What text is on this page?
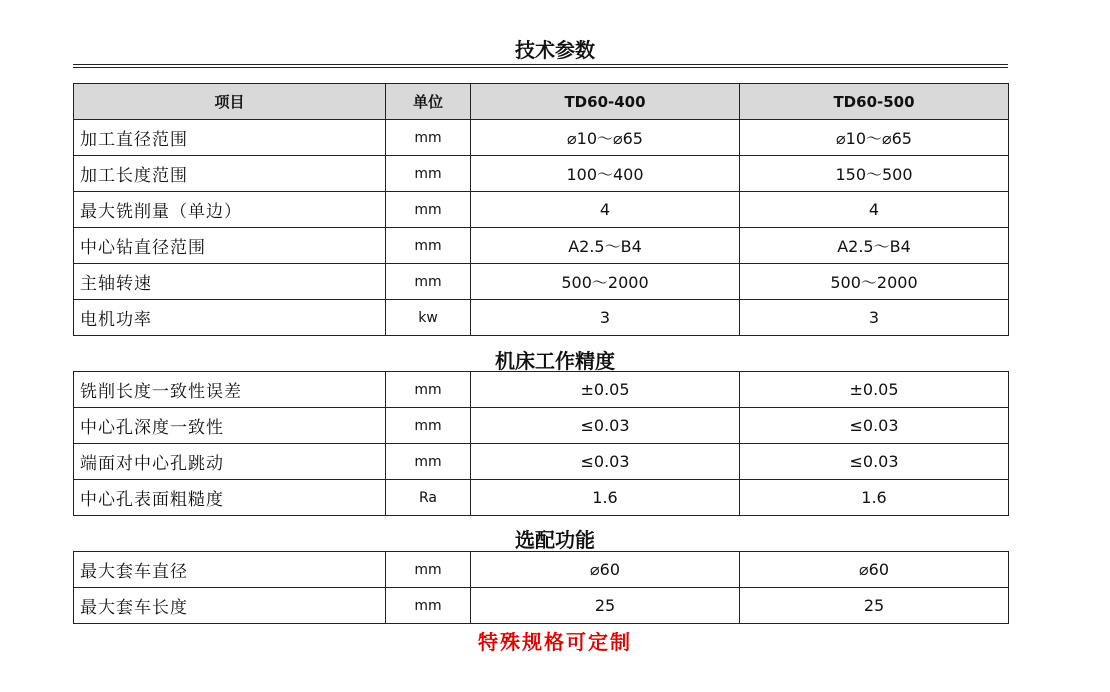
技术参数
项目	单位	TD60-400	TD60-500
加工直径范围	mm	⌀10～⌀65	⌀10～⌀65
加工长度范围	mm	100～400	150～500
最大铣削量（单边）	mm	4	4
中心钻直径范围	mm	A2.5～B4	A2.5～B4
主轴转速	mm	500～2000	500～2000
电机功率	kw	3	3
机床工作精度
铣削长度一致性误差	mm	±0.05	±0.05
中心孔深度一致性	mm	≤0.03	≤0.03
端面对中心孔跳动	mm	≤0.03	≤0.03
中心孔表面粗糙度	Ra	1.6	1.6
选配功能
最大套车直径	mm	⌀60	⌀60
最大套车长度	mm	25	25
特殊规格可定制
